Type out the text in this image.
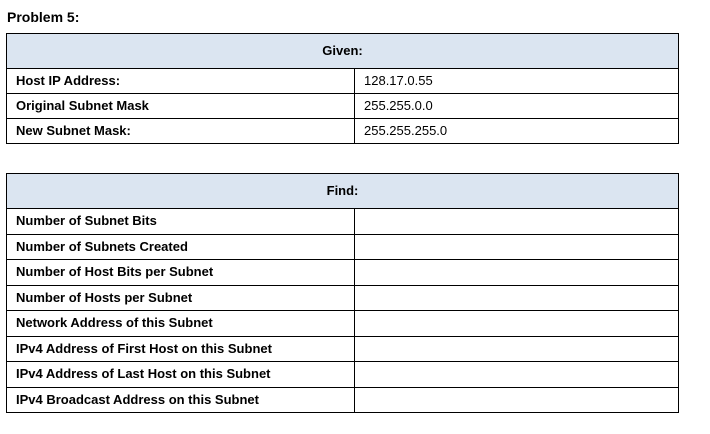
Problem 5:
Given:	
Host IP Address:	128.17.0.55
Original Subnet Mask	255.255.0.0
New Subnet Mask:	255.255.255.0
Find:	
Number of Subnet Bits	
Number of Subnets Created	
Number of Host Bits per Subnet	
Number of Hosts per Subnet	
Network Address of this Subnet	
IPv4 Address of First Host on this Subnet	
IPv4 Address of Last Host on this Subnet	
IPv4 Broadcast Address on this Subnet	
